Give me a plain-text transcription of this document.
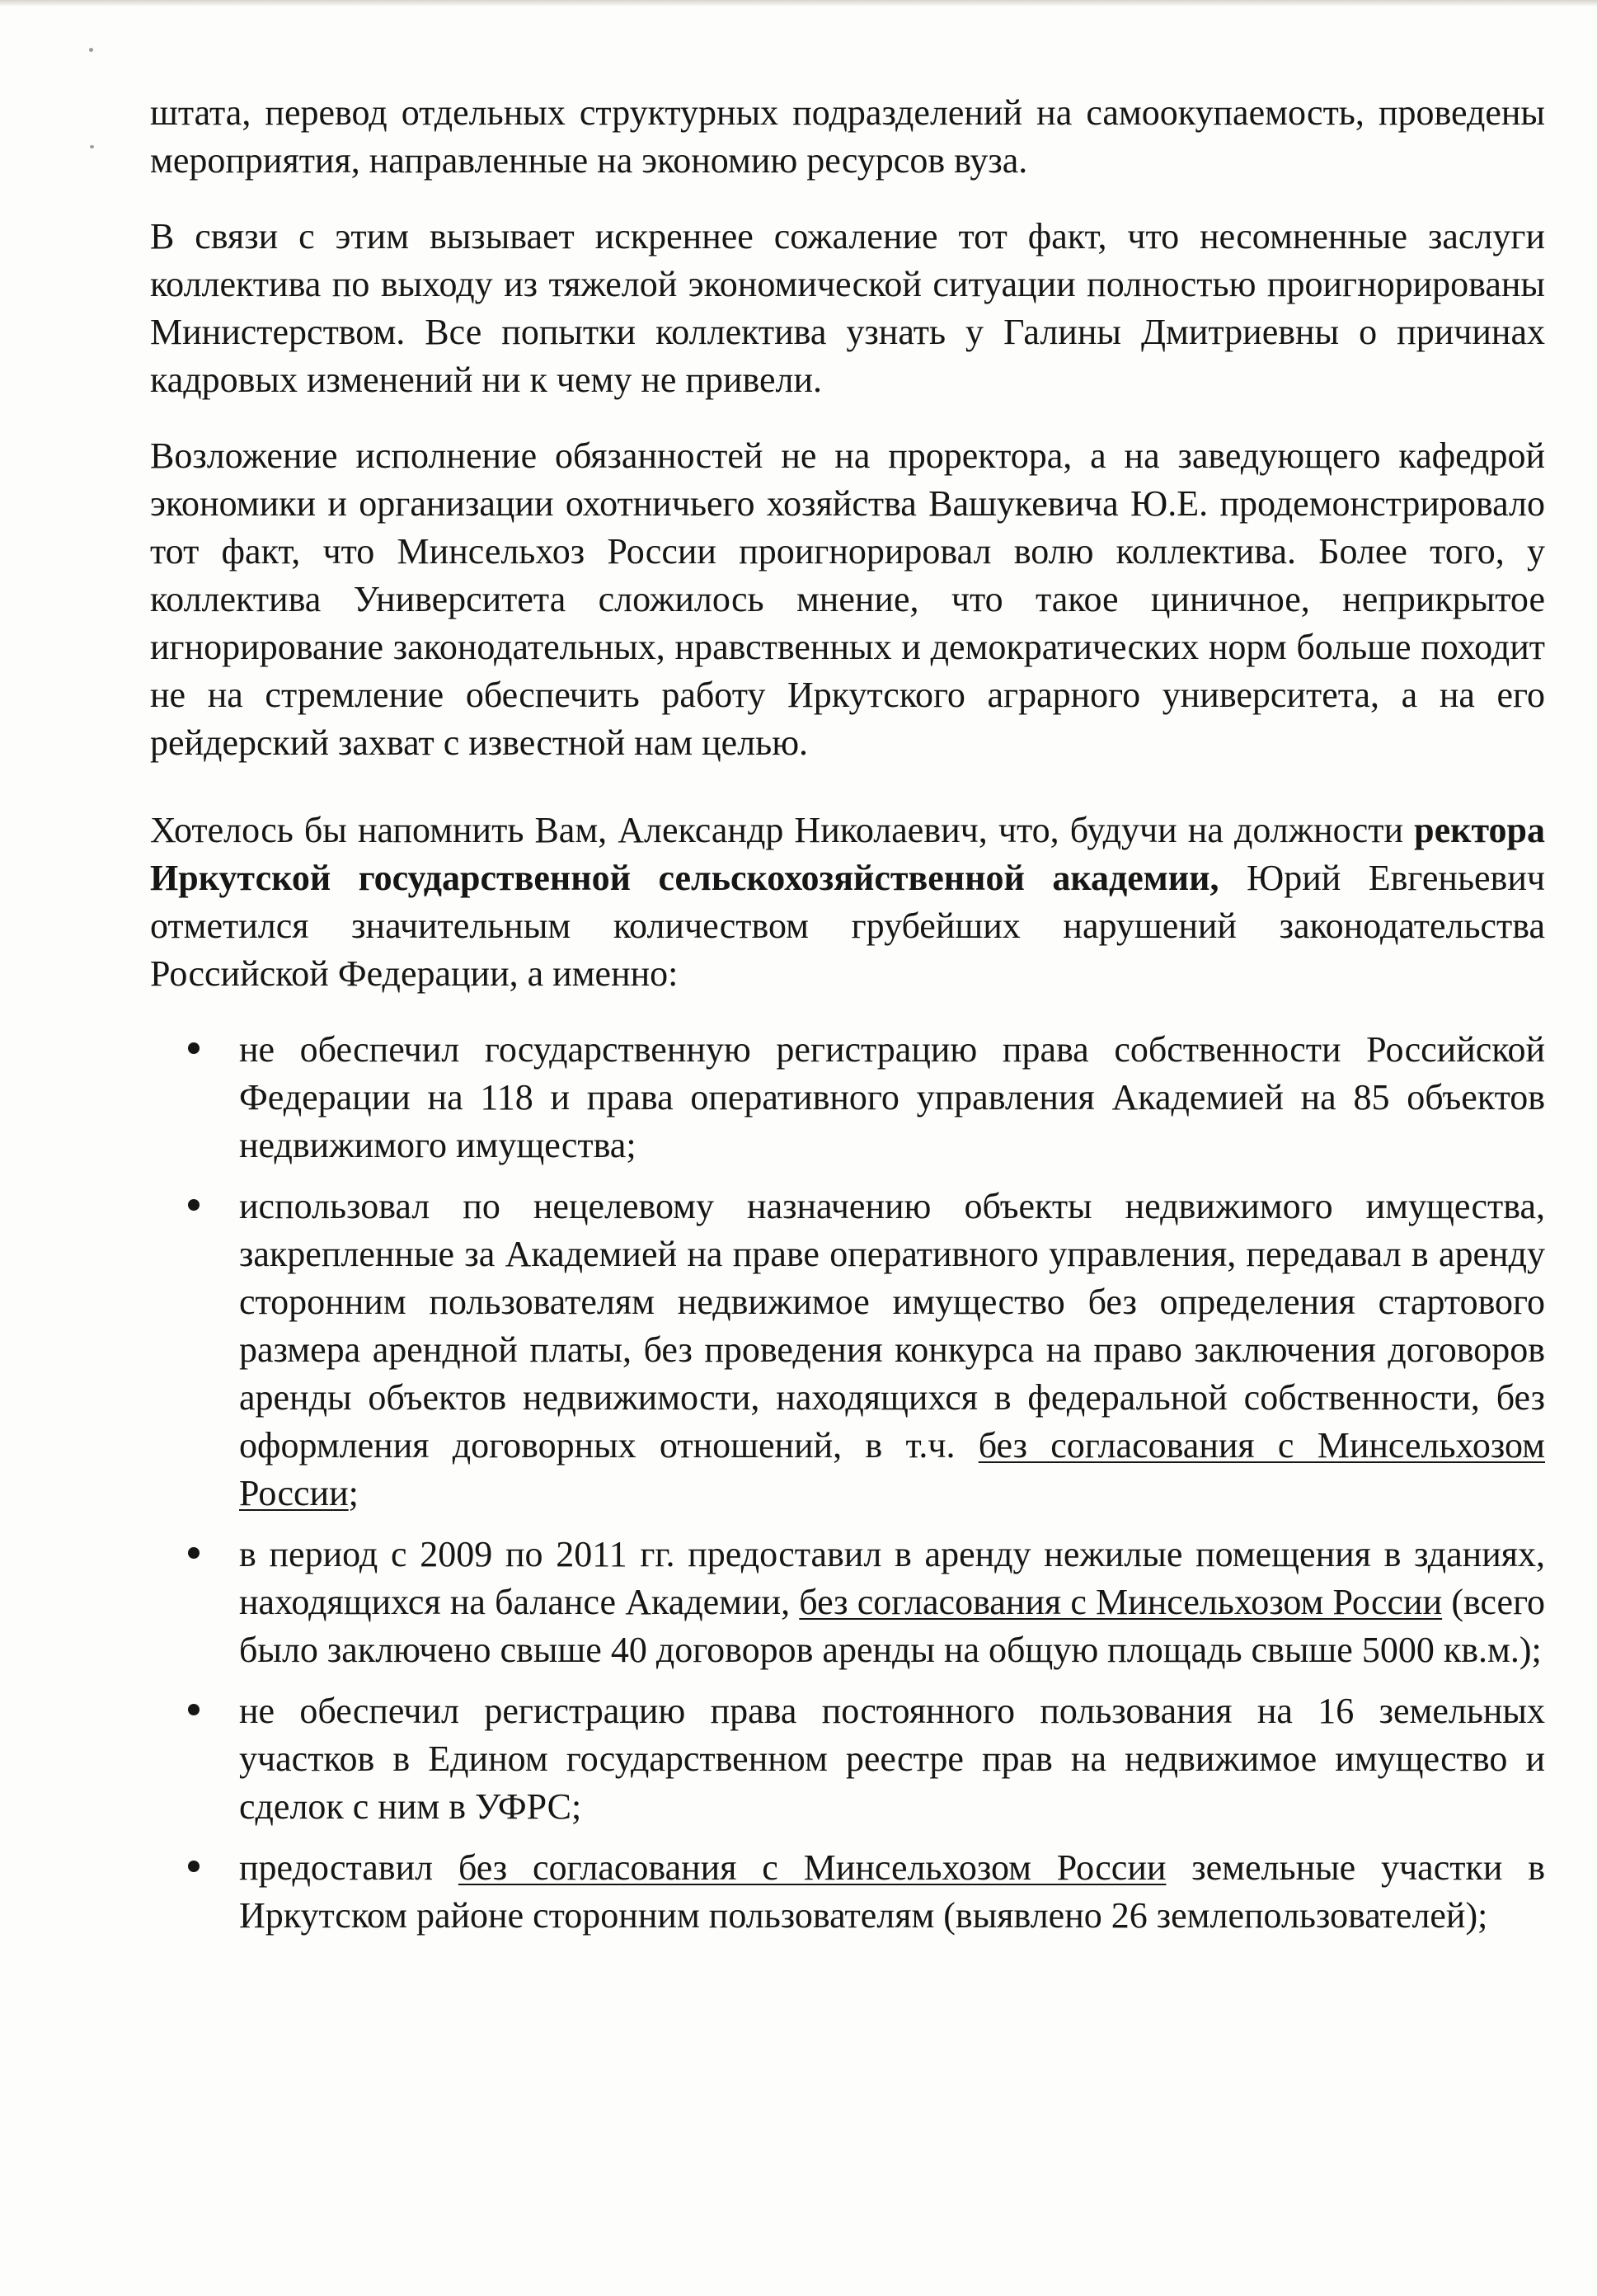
штата, перевод отдельных структурных подразделений на самоокупаемость, проведены мероприятия, направленные на экономию ресурсов вуза.

В связи с этим вызывает искреннее сожаление тот факт, что несомненные заслуги коллектива по выходу из тяжелой экономической ситуации полностью проигнорированы Министерством. Все попытки коллектива узнать у Галины Дмитриевны о причинах кадровых изменений ни к чему не привели.

Возложение исполнение обязанностей не на проректора, а на заведующего кафедрой экономики и организации охотничьего хозяйства Вашукевича Ю.Е. продемонстрировало тот факт, что Минсельхоз России проигнорировал волю коллектива. Более того, у коллектива Университета сложилось мнение, что такое циничное, неприкрытое игнорирование законодательных, нравственных и демократических норм больше походит не на стремление обеспечить работу Иркутского аграрного университета, а на его рейдерский захват с известной нам целью.

Хотелось бы напомнить Вам, Александр Николаевич, что, будучи на должности ректора Иркутской государственной сельскохозяйственной академии, Юрий Евгеньевич отметился значительным количеством грубейших нарушений законодательства Российской Федерации, а именно:

не обеспечил государственную регистрацию права собственности Российской Федерации на 118 и права оперативного управления Академией на 85 объектов недвижимого имущества;
использовал по нецелевому назначению объекты недвижимого имущества, закрепленные за Академией на праве оперативного управления, передавал в аренду сторонним пользователям недвижимое имущество без определения стартового размера арендной платы, без проведения конкурса на право заключения договоров аренды объектов недвижимости, находящихся в федеральной собственности, без оформления договорных отношений, в т.ч. без согласования с Минсельхозом России;
в период с 2009 по 2011 гг. предоставил в аренду нежилые помещения в зданиях, находящихся на балансе Академии, без согласования с Минсельхозом России (всего было заключено свыше 40 договоров аренды на общую площадь свыше 5000 кв.м.);
не обеспечил регистрацию права постоянного пользования на 16 земельных участков в Едином государственном реестре прав на недвижимое имущество и сделок с ним в УФРС;
предоставил без согласования с Минсельхозом России земельные участки в Иркутском районе сторонним пользователям (выявлено 26 землепользователей);
